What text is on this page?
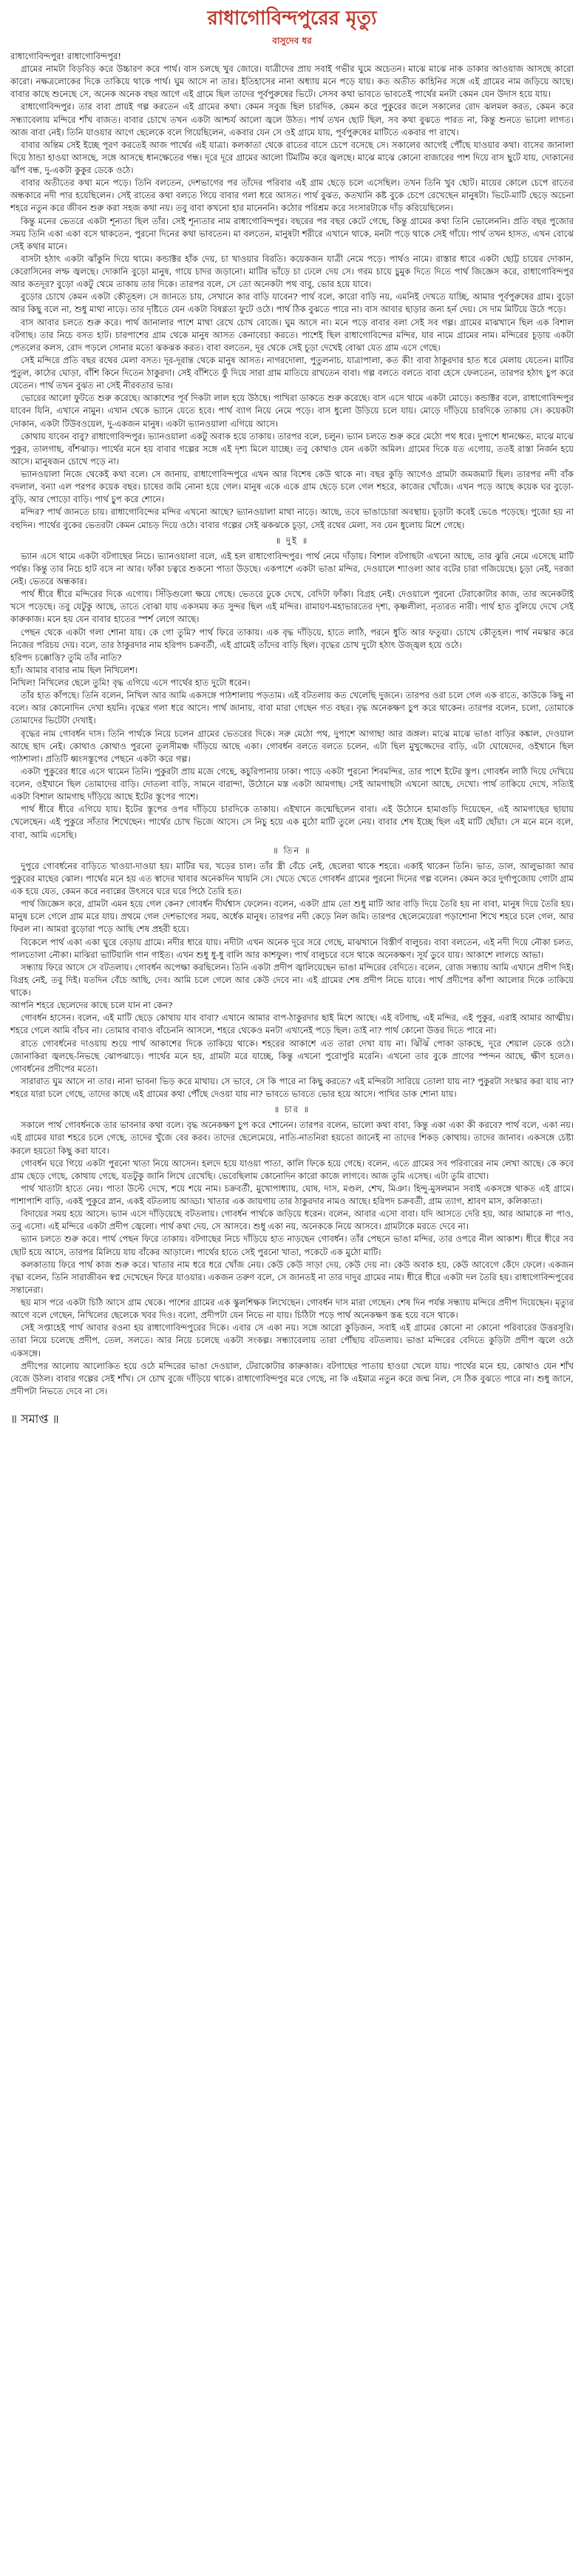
রাধাগোবিন্দপুরের মৃত্যু
বাসুদেব ধর

রাধাগোবিন্দপুর! রাধাগোবিন্দপুর!

গ্রামের নামটা বিড়বিড় করে উচ্চারণ করে পার্থ। বাস চলছে খুব জোরে। যাত্রীদের প্রায় সবাই গভীর ঘুমে অচেতন। মাঝে মাঝে নাক ডাকার আওয়াজ আসছে কারো কারো। নক্ষত্রলোকের দিকে তাকিয়ে থাকে পার্থ। ঘুম আসে না তার। ইতিহাসের নানা অধ্যায় মনে পড়ে যায়। কত অতীত কাহিনির সঙ্গে এই গ্রামের নাম জড়িয়ে আছে। বাবার কাছে শুনেছে সে, অনেক অনেক বছর আগে এই গ্রামে ছিল তাদের পূর্বপুরুষের ভিটে। সেসব কথা ভাবতে ভাবতেই পার্থের মনটা কেমন যেন উদাস হয়ে যায়।

রাধাগোবিন্দপুর। তার বাবা প্রায়ই গল্প করতেন এই গ্রামের কথা। কেমন সবুজ ছিল চারদিক, কেমন করে পুকুরের জলে সকালের রোদ ঝলমল করত, কেমন করে সন্ধ্যাবেলায় মন্দিরে শাঁখ বাজত। বাবার চোখে তখন একটা আশ্চর্য আলো জ্বলে উঠত। পার্থ তখন ছোট ছিল, সব কথা বুঝতে পারত না, কিন্তু শুনতে ভালো লাগত। আজ বাবা নেই। তিনি যাওয়ার আগে ছেলেকে বলে গিয়েছিলেন, একবার যেন সে ওই গ্রামে যায়, পূর্বপুরুষের মাটিতে একবার পা রাখে।

বাবার অন্তিম সেই ইচ্ছে পূরণ করতেই আজ পার্থের এই যাত্রা। কলকাতা থেকে রাতের বাসে চেপে বসেছে সে। সকালের আগেই পৌঁছে যাওয়ার কথা। বাসের জানালা দিয়ে ঠান্ডা হাওয়া আসছে, সঙ্গে আসছে ধানক্ষেতের গন্ধ। দূরে দূরে গ্রামের আলো টিমটিম করে জ্বলছে। মাঝে মাঝে কোনো বাজারের পাশ দিয়ে বাস ছুটে যায়, দোকানের ঝাঁপ বন্ধ, দু-একটা কুকুর ডেকে ওঠে।

বাবার অতীতের কথা মনে পড়ে। তিনি বলতেন, দেশভাগের পর তাঁদের পরিবার এই গ্রাম ছেড়ে চলে এসেছিল। তখন তিনি খুব ছোট। মায়ের কোলে চেপে রাতের অন্ধকারে নদী পার হয়েছিলেন। সেই রাতের কথা বলতে গিয়ে বাবার গলা ধরে আসত। পার্থ বুঝত, কতখানি কষ্ট বুকে চেপে রেখেছেন মানুষটা। ভিটে-মাটি ছেড়ে অচেনা শহরে নতুন করে জীবন শুরু করা সহজ কথা নয়। তবু বাবা কখনো হার মানেননি। কঠোর পরিশ্রম করে সংসারটাকে দাঁড় করিয়েছিলেন।

কিন্তু মনের ভেতরে একটা শূন্যতা ছিল তাঁর। সেই শূন্যতার নাম রাধাগোবিন্দপুর। বছরের পর বছর কেটে গেছে, কিন্তু গ্রামের কথা তিনি ভোলেননি। প্রতি বছর পুজোর সময় তিনি একা একা বসে থাকতেন, পুরনো দিনের কথা ভাবতেন। মা বলতেন, মানুষটা শরীরে এখানে থাকে, মনটা পড়ে থাকে সেই গাঁয়ে। পার্থ তখন হাসত, এখন বোঝে সেই কথার মানে।

বাসটা হঠাৎ একটা ঝাঁকুনি দিয়ে থামে। কন্ডাক্টর হাঁক দেয়, চা খাওয়ার বিরতি। কয়েকজন যাত্রী নেমে পড়ে। পার্থও নামে। রাস্তার ধারে একটা ছোট্ট চায়ের দোকান, কেরোসিনের লম্ফ জ্বলছে। দোকানি বুড়ো মানুষ, গায়ে চাদর জড়ানো। মাটির ভাঁড়ে চা ঢেলে দেয় সে। গরম চায়ে চুমুক দিতে দিতে পার্থ জিজ্ঞেস করে, রাধাগোবিন্দপুর আর কতদূর? বুড়ো একটু থেমে তাকায় তার দিকে। তারপর বলে, সে তো অনেকটা পথ বাবু, ভোর হয়ে যাবে।

বুড়োর চোখে কেমন একটা কৌতূহল। সে জানতে চায়, সেখানে কার বাড়ি যাবেন? পার্থ বলে, কারো বাড়ি নয়, এমনিই দেখতে যাচ্ছি, আমার পূর্বপুরুষের গ্রাম। বুড়ো আর কিছু বলে না, শুধু মাথা নাড়ে। তার দৃষ্টিতে যেন একটা বিষণ্ণতা ফুটে ওঠে। পার্থ ঠিক বুঝতে পারে না। বাস আবার ছাড়ার জন্য হর্ন দেয়। সে দাম মিটিয়ে উঠে পড়ে।

বাস আবার চলতে শুরু করে। পার্থ জানালার পাশে মাথা রেখে চোখ বোজে। ঘুম আসে না। মনে পড়ে বাবার বলা সেই সব গল্প। গ্রামের মাঝখানে ছিল এক বিশাল বটগাছ। তার নিচে বসত হাট। চারপাশের গ্রাম থেকে মানুষ আসত কেনাবেচা করতে। পাশেই ছিল রাধাগোবিন্দের মন্দির, যার নামে গ্রামের নাম। মন্দিরের চূড়ায় একটা পেতলের কলস, রোদ পড়লে সোনার মতো ঝকঝক করত। বাবা বলতেন, দূর থেকে সেই চূড়া দেখেই বোঝা যেত গ্রাম এসে গেছে।

সেই মন্দিরে প্রতি বছর রথের মেলা বসত। দূর-দূরান্ত থেকে মানুষ আসত। নাগরদোলা, পুতুলনাচ, যাত্রাপালা, কত কী! বাবা ঠাকুরদার হাত ধরে মেলায় যেতেন। মাটির পুতুল, কাঠের ঘোড়া, বাঁশি কিনে দিতেন ঠাকুরদা। সেই বাঁশিতে ফুঁ দিয়ে সারা গ্রাম মাতিয়ে রাখতেন বাবা। গল্প বলতে বলতে বাবা হেসে ফেলতেন, তারপর হঠাৎ চুপ করে যেতেন। পার্থ তখন বুঝত না সেই নীরবতার ভার।

ভোরের আলো ফুটতে শুরু করেছে। আকাশের পূর্ব দিকটা লাল হয়ে উঠছে। পাখিরা ডাকতে শুরু করেছে। বাস এসে থামে একটা মোড়ে। কন্ডাক্টর বলে, রাধাগোবিন্দপুর যাবেন যিনি, এখানে নামুন। এখান থেকে ভ্যানে যেতে হবে। পার্থ ব্যাগ নিয়ে নেমে পড়ে। বাস ধুলো উড়িয়ে চলে যায়। মোড়ে দাঁড়িয়ে চারদিকে তাকায় সে। কয়েকটা দোকান, একটা টিউবওয়েল, দু-একজন মানুষ। একটা ভ্যানওয়ালা এগিয়ে আসে।

কোথায় যাবেন বাবু? রাধাগোবিন্দপুর। ভ্যানওয়ালা একটু অবাক হয়ে তাকায়। তারপর বলে, চলুন। ভ্যান চলতে শুরু করে মেঠো পথ ধরে। দুপাশে ধানক্ষেত, মাঝে মাঝে পুকুর, তালগাছ, বাঁশঝাড়। পার্থের মনে হয় বাবার গল্পের সঙ্গে এই দৃশ্য মিলে যাচ্ছে। তবু কোথাও যেন একটা অমিল। গ্রামের দিকে যত এগোয়, ততই রাস্তা নির্জন হয়ে আসে। মানুষজন চোখে পড়ে না।

ভ্যানওয়ালা নিজে থেকেই কথা বলে। সে জানায়, রাধাগোবিন্দপুরে এখন আর বিশেষ কেউ থাকে না। বছর কুড়ি আগেও গ্রামটা জমজমাট ছিল। তারপর নদী বাঁক বদলাল, বন্যা এল পরপর কয়েক বছর। চাষের জমি নোনা হয়ে গেল। মানুষ একে একে গ্রাম ছেড়ে চলে গেল শহরে, কাজের খোঁজে। এখন পড়ে আছে কয়েক ঘর বুড়ো-বুড়ি, আর পোড়ো বাড়ি। পার্থ চুপ করে শোনে।

মন্দির? পার্থ জানতে চায়। রাধাগোবিন্দের মন্দির এখনো আছে? ভ্যানওয়ালা মাথা নাড়ে। আছে, তবে ভাঙাচোরা অবস্থায়। চূড়াটা কবেই ভেঙে পড়েছে। পুজো হয় না বহুদিন। পার্থের বুকের ভেতরটা কেমন মোচড় দিয়ে ওঠে। বাবার গল্পের সেই ঝকঝকে চূড়া, সেই রথের মেলা, সব যেন ধুলোয় মিশে গেছে।

॥ দুই ॥

ভ্যান এসে থামে একটা বটগাছের নিচে। ভ্যানওয়ালা বলে, এই হল রাধাগোবিন্দপুর। পার্থ নেমে দাঁড়ায়। বিশাল বটগাছটা এখনো আছে, তার ঝুরি নেমে এসেছে মাটি পর্যন্ত। কিন্তু তার নিচে হাট বসে না আর। ফাঁকা চত্বরে শুকনো পাতা উড়ছে। একপাশে একটা ভাঙা মন্দির, দেওয়ালে শ্যাওলা আর বটের চারা গজিয়েছে। চূড়া নেই, দরজা নেই। ভেতরে অন্ধকার।

পার্থ ধীরে ধীরে মন্দিরের দিকে এগোয়। সিঁড়িগুলো ক্ষয়ে গেছে। ভেতরে ঢুকে দেখে, বেদিটা ফাঁকা। বিগ্রহ নেই। দেওয়ালে পুরনো টেরাকোটার কাজ, তার অনেকটাই খসে পড়েছে। তবু যেটুকু আছে, তাতে বোঝা যায় একসময় কত সুন্দর ছিল এই মন্দির। রামায়ণ-মহাভারতের দৃশ্য, কৃষ্ণলীলা, নৃত্যরত নারী। পার্থ হাত বুলিয়ে দেখে সেই কারুকাজ। মনে হয় যেন বাবার হাতের স্পর্শ লেগে আছে।

পেছন থেকে একটা গলা শোনা যায়। কে গো তুমি? পার্থ ফিরে তাকায়। এক বৃদ্ধ দাঁড়িয়ে, হাতে লাঠি, পরনে ধুতি আর ফতুয়া। চোখে কৌতূহল। পার্থ নমস্কার করে নিজের পরিচয় দেয়। বলে, তার ঠাকুরদার নাম হরিপদ চক্রবর্তী, এই গ্রামেই তাঁদের বাড়ি ছিল। বৃদ্ধের চোখ দুটো হঠাৎ উজ্জ্বল হয়ে ওঠে।

হরিপদ চক্কোত্তি? তুমি তাঁর নাতি?

হ্যাঁ। আমার বাবার নাম ছিল নিখিলেশ।

নিখিল! নিখিলের ছেলে তুমি! বৃদ্ধ এগিয়ে এসে পার্থের হাত দুটো ধরেন।

তাঁর হাত কাঁপছে। তিনি বলেন, নিখিল আর আমি একসঙ্গে পাঠশালায় পড়তাম। এই বটতলায় কত খেলেছি দুজনে। তারপর ওরা চলে গেল এক রাতে, কাউকে কিছু না বলে। আর কোনোদিন দেখা হয়নি। বৃদ্ধের গলা ধরে আসে। পার্থ জানায়, বাবা মারা গেছেন গত বছর। বৃদ্ধ অনেকক্ষণ চুপ করে থাকেন। তারপর বলেন, চলো, তোমাকে তোমাদের ভিটেটা দেখাই।

বৃদ্ধের নাম গোবর্ধন দাস। তিনি পার্থকে নিয়ে চলেন গ্রামের ভেতরের দিকে। সরু মেঠো পথ, দুপাশে আগাছা আর জঙ্গল। মাঝে মাঝে ভাঙা বাড়ির কঙ্কাল, দেওয়াল আছে ছাদ নেই। কোথাও কোথাও পুরনো তুলসীমঞ্চ দাঁড়িয়ে আছে একা। গোবর্ধন বলতে বলতে চলেন, এটা ছিল মুখুজ্জেদের বাড়ি, এটা ঘোষেদের, ওইখানে ছিল পাঠশালা। প্রতিটি ধ্বংসস্তূপের পেছনে একটা করে গল্প।

একটা পুকুরের ধারে এসে থামেন তিনি। পুকুরটা প্রায় মজে গেছে, কচুরিপানায় ঢাকা। পাড়ে একটা পুরনো শিবমন্দির, তার পাশে ইটের স্তূপ। গোবর্ধন লাঠি দিয়ে দেখিয়ে বলেন, ওইখানে ছিল তোমাদের বাড়ি। দোতলা বাড়ি, সামনে বারান্দা, উঠোনে মস্ত একটা আমগাছ। সেই আমগাছটা এখনো আছে, দেখো। পার্থ তাকিয়ে দেখে, সত্যিই একটা বিশাল আমগাছ দাঁড়িয়ে আছে ইটের স্তূপের পাশে।

পার্থ ধীরে ধীরে এগিয়ে যায়। ইটের স্তূপের ওপর দাঁড়িয়ে চারদিকে তাকায়। এইখানে জন্মেছিলেন বাবা। এই উঠোনে হামাগুড়ি দিয়েছেন, এই আমগাছের ছায়ায় খেলেছেন। এই পুকুরে সাঁতার শিখেছেন। পার্থের চোখ ভিজে আসে। সে নিচু হয়ে এক মুঠো মাটি তুলে নেয়। বাবার শেষ ইচ্ছে ছিল এই মাটি ছোঁয়া। সে মনে মনে বলে, বাবা, আমি এসেছি।

॥ তিন ॥

দুপুরে গোবর্ধনের বাড়িতে খাওয়া-দাওয়া হয়। মাটির ঘর, খড়ের চাল। তাঁর স্ত্রী বেঁচে নেই, ছেলেরা থাকে শহরে। একাই থাকেন তিনি। ভাত, ডাল, আলুভাজা আর পুকুরের মাছের ঝোল। পার্থের মনে হয় এত স্বাদের খাবার অনেকদিন খায়নি সে। খেতে খেতে গোবর্ধন গ্রামের পুরনো দিনের গল্প বলেন। কেমন করে দুর্গাপুজোয় গোটা গ্রাম এক হয়ে যেত, কেমন করে নবান্নের উৎসবে ঘরে ঘরে পিঠে তৈরি হত।

পার্থ জিজ্ঞেস করে, গ্রামটা এমন হয়ে গেল কেন? গোবর্ধন দীর্ঘশ্বাস ফেলেন। বলেন, একটা গ্রাম তো শুধু মাটি আর বাড়ি দিয়ে তৈরি হয় না বাবা, মানুষ দিয়ে তৈরি হয়। মানুষ চলে গেলে গ্রাম মরে যায়। প্রথমে গেল দেশভাগের সময়, অর্ধেক মানুষ। তারপর নদী কেড়ে নিল জমি। তারপর ছেলেমেয়েরা পড়াশোনা শিখে শহরে চলে গেল, আর ফিরল না। আমরা বুড়োরা পড়ে আছি শেষ প্রহরী হয়ে।

বিকেলে পার্থ একা একা ঘুরে বেড়ায় গ্রামে। নদীর ধারে যায়। নদীটা এখন অনেক দূরে সরে গেছে, মাঝখানে বিস্তীর্ণ বালুচর। বাবা বলতেন, এই নদী দিয়ে নৌকা চলত, পালতোলা নৌকা। মাঝিরা ভাটিয়ালি গান গাইত। এখন শুধু ধু-ধু বালি আর কাশফুল। পার্থ বালুচরে বসে থাকে অনেকক্ষণ। সূর্য ডুবে যায়। আকাশে লালচে আভা।

সন্ধ্যায় ফিরে আসে সে বটতলায়। গোবর্ধন অপেক্ষা করছিলেন। তিনি একটা প্রদীপ জ্বালিয়েছেন ভাঙা মন্দিরের বেদিতে। বলেন, রোজ সন্ধ্যায় আমি এখানে প্রদীপ দিই। বিগ্রহ নেই, তবু দিই। যতদিন বেঁচে আছি, দেব। আমি চলে গেলে আর কেউ দেবে না। এই গ্রামের শেষ প্রদীপ নিভে যাবে। পার্থ প্রদীপের কাঁপা আলোর দিকে তাকিয়ে থাকে।

আপনি শহরে ছেলেদের কাছে চলে যান না কেন?

গোবর্ধন হাসেন। বলেন, এই মাটি ছেড়ে কোথায় যাব বাবা? এখানে আমার বাপ-ঠাকুরদার ছাই মিশে আছে। এই বটগাছ, এই মন্দির, এই পুকুর, এরাই আমার আত্মীয়। শহরে গেলে আমি বাঁচব না। তোমার বাবাও বাঁচেননি আসলে, শহরে থেকেও মনটা এখানেই পড়ে ছিল। তাই না? পার্থ কোনো উত্তর দিতে পারে না।

রাতে গোবর্ধনের দাওয়ায় শুয়ে পার্থ আকাশের দিকে তাকিয়ে থাকে। শহরের আকাশে এত তারা দেখা যায় না। ঝিঁঝিঁ পোকা ডাকছে, দূরে শেয়াল ডেকে ওঠে। জোনাকিরা জ্বলছে-নিভছে ঝোপঝাড়ে। পার্থের মনে হয়, গ্রামটা মরে যাচ্ছে, কিন্তু এখনো পুরোপুরি মরেনি। এখনো তার বুকে প্রাণের স্পন্দন আছে, ক্ষীণ হলেও। গোবর্ধনের প্রদীপের মতো।

সারারাত ঘুম আসে না তার। নানা ভাবনা ভিড় করে মাথায়। সে ভাবে, সে কি পারে না কিছু করতে? এই মন্দিরটা সারিয়ে তোলা যায় না? পুকুরটা সংস্কার করা যায় না? শহরে যারা চলে গেছে, তাদের কাছে এই গ্রামের কথা পৌঁছে দেওয়া যায় না? ভাবতে ভাবতে ভোর হয়ে আসে। পাখির ডাক শোনা যায়।

॥ চার ॥

সকালে পার্থ গোবর্ধনকে তার ভাবনার কথা বলে। বৃদ্ধ অনেকক্ষণ চুপ করে শোনেন। তারপর বলেন, ভালো কথা বাবা, কিন্তু একা একা কী করবে? পার্থ বলে, একা নয়। এই গ্রামের যারা শহরে চলে গেছে, তাদের খুঁজে বের করব। তাদের ছেলেমেয়ে, নাতি-নাতনিরা হয়তো জানেই না তাদের শিকড় কোথায়। তাদের জানাব। একসঙ্গে চেষ্টা করলে হয়তো কিছু করা যাবে।

গোবর্ধন ঘরে গিয়ে একটা পুরনো খাতা নিয়ে আসেন। হলদে হয়ে যাওয়া পাতা, কালি ফিকে হয়ে গেছে। বলেন, এতে গ্রামের সব পরিবারের নাম লেখা আছে। কে কবে গ্রাম ছেড়ে গেছে, কোথায় গেছে, যতটুকু জানি লিখে রেখেছি। ভেবেছিলাম কোনোদিন কারো কাজে লাগবে। আজ তুমি এসেছ। এটা তুমি রাখো।

পার্থ খাতাটা হাতে নেয়। পাতা উল্টে দেখে, শয়ে শয়ে নাম। চক্রবর্তী, মুখোপাধ্যায়, ঘোষ, দাস, মণ্ডল, শেখ, মিঞা। হিন্দু-মুসলমান সবাই একসঙ্গে থাকত এই গ্রামে। পাশাপাশি বাড়ি, একই পুকুরে স্নান, একই বটতলায় আড্ডা। খাতার এক জায়গায় তার ঠাকুরদার নামও আছে। হরিপদ চক্রবর্তী, গ্রাম ত্যাগ, শ্রাবণ মাস, কলিকাতা।

বিদায়ের সময় হয়ে আসে। ভ্যান এসে দাঁড়িয়েছে বটতলায়। গোবর্ধন পার্থকে জড়িয়ে ধরেন। বলেন, আবার এসো বাবা। যদি আসতে দেরি হয়, আর আমাকে না পাও, তবু এসো। এই মন্দিরে একটা প্রদীপ জ্বেলো। পার্থ কথা দেয়, সে আসবে। শুধু একা নয়, অনেককে নিয়ে আসবে। গ্রামটাকে মরতে দেবে না।

ভ্যান চলতে শুরু করে। পার্থ পেছন ফিরে তাকায়। বটগাছের নিচে দাঁড়িয়ে হাত নাড়ছেন গোবর্ধন। তাঁর পেছনে ভাঙা মন্দির, তার ওপরে নীল আকাশ। ধীরে ধীরে সব ছোট হয়ে আসে, তারপর মিলিয়ে যায় বাঁকের আড়ালে। পার্থের হাতে সেই পুরনো খাতা, পকেটে এক মুঠো মাটি।

কলকাতায় ফিরে পার্থ কাজ শুরু করে। খাতার নাম ধরে ধরে খোঁজ নেয়। কেউ কেউ সাড়া দেয়, কেউ দেয় না। কেউ অবাক হয়, কেউ আবেগে কেঁদে ফেলে। একজন বৃদ্ধা বলেন, তিনি সারাজীবন স্বপ্ন দেখেছেন ফিরে যাওয়ার। একজন তরুণ বলে, সে জানতই না তার দাদুর গ্রামের নাম। ধীরে ধীরে একটা দল তৈরি হয়। রাধাগোবিন্দপুরের সন্তানেরা।

ছয় মাস পরে একটা চিঠি আসে গ্রাম থেকে। পাশের গ্রামের এক স্কুলশিক্ষক লিখেছেন। গোবর্ধন দাস মারা গেছেন। শেষ দিন পর্যন্ত সন্ধ্যায় মন্দিরে প্রদীপ দিয়েছেন। মৃত্যুর আগে বলে গেছেন, নিখিলের ছেলেকে খবর দিও। বলো, প্রদীপটা যেন নিভে না যায়। চিঠিটা পড়ে পার্থ অনেকক্ষণ স্তব্ধ হয়ে বসে থাকে।

সেই সপ্তাহেই পার্থ আবার রওনা হয় রাধাগোবিন্দপুরের দিকে। এবার সে একা নয়। সঙ্গে আরো কুড়িজন, সবাই এই গ্রামের কোনো না কোনো পরিবারের উত্তরসূরি। তারা নিয়ে চলেছে প্রদীপ, তেল, সলতে। আর নিয়ে চলেছে একটা সংকল্প। সন্ধ্যাবেলায় তারা পৌঁছায় বটতলায়। ভাঙা মন্দিরের বেদিতে কুড়িটা প্রদীপ জ্বলে ওঠে একসঙ্গে।

প্রদীপের আলোয় আলোকিত হয়ে ওঠে মন্দিরের ভাঙা দেওয়াল, টেরাকোটার কারুকাজ। বটগাছের পাতায় হাওয়া খেলে যায়। পার্থের মনে হয়, কোথাও যেন শাঁখ বেজে উঠল। বাবার গল্পের সেই শাঁখ। সে চোখ বুজে দাঁড়িয়ে থাকে। রাধাগোবিন্দপুর মরে গেছে, না কি এইমাত্র নতুন করে জন্ম নিল, সে ঠিক বুঝতে পারে না। শুধু জানে, প্রদীপটা নিভতে দেবে না সে।

॥ সমাপ্ত ॥
